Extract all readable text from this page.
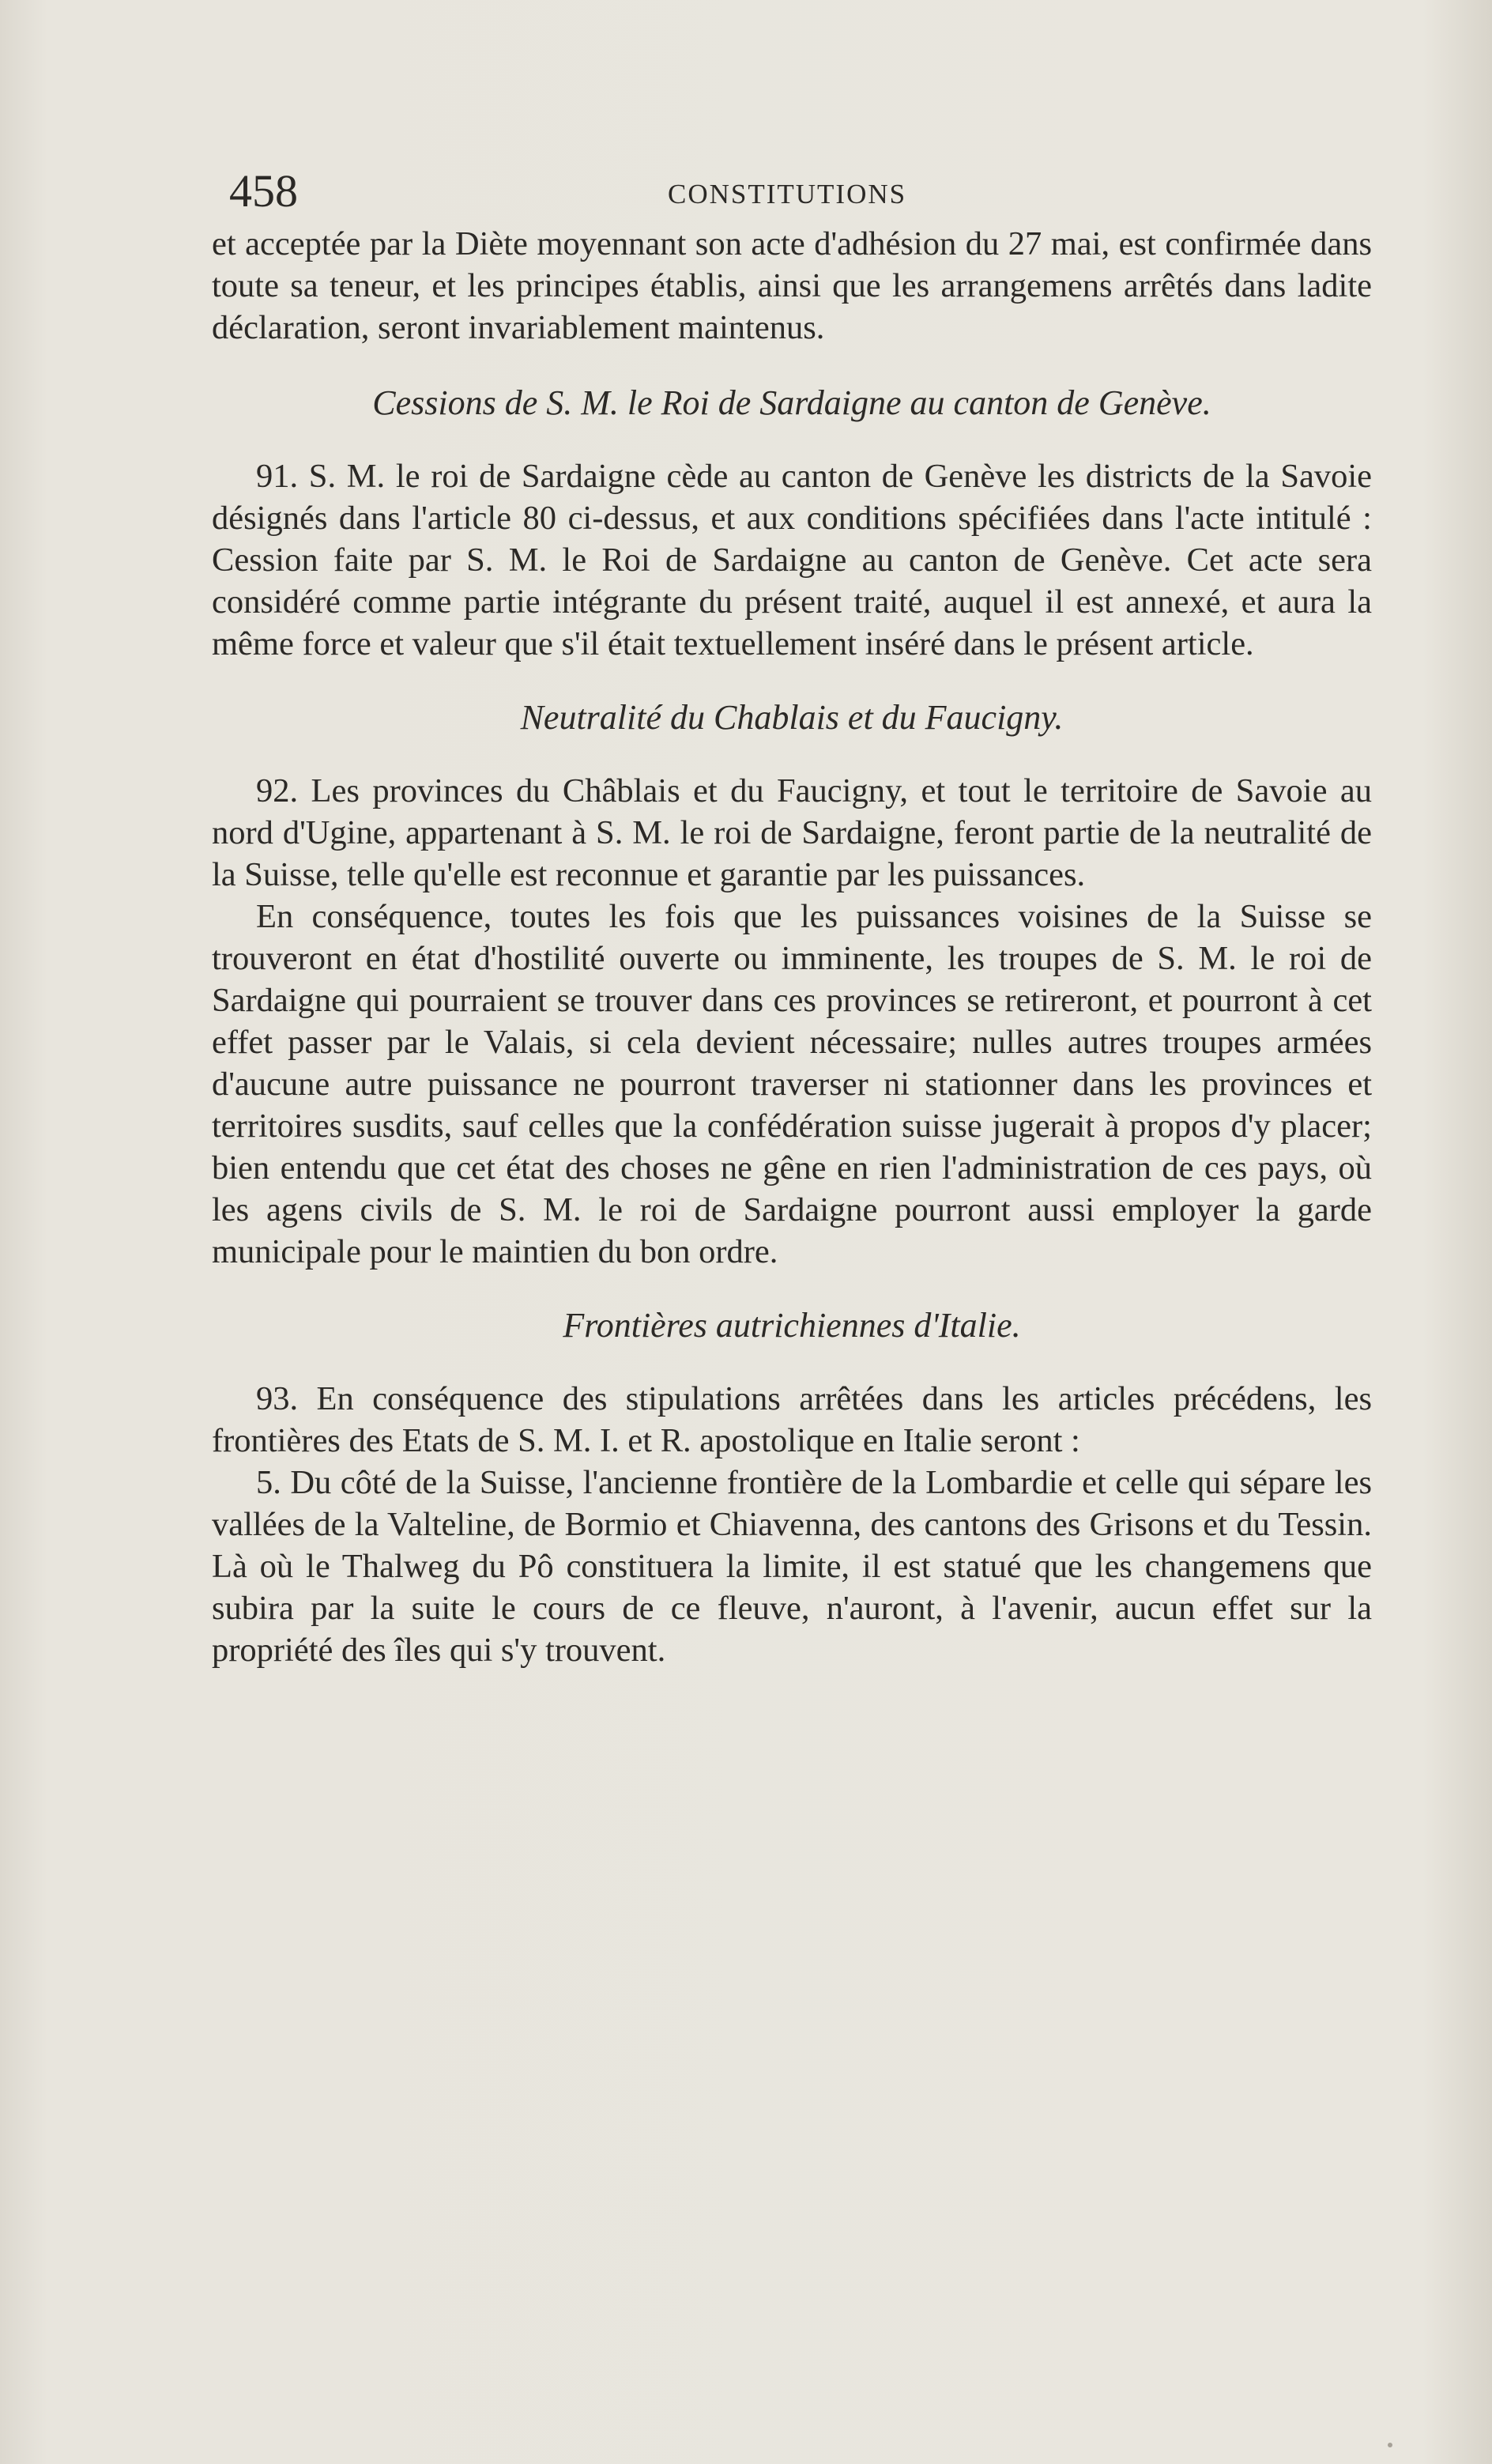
458	CONSTITUTIONS

et acceptée par la Diète moyennant son acte d'adhésion du 27 mai, est confirmée dans toute sa teneur, et les principes établis, ainsi que les arrangemens arrêtés dans ladite déclaration, seront invariablement maintenus.

Cessions de S. M. le Roi de Sardaigne au canton de Genève.

91. S. M. le roi de Sardaigne cède au canton de Genève les districts de la Savoie désignés dans l'article 80 ci-dessus, et aux conditions spécifiées dans l'acte intitulé : Cession faite par S. M. le Roi de Sardaigne au canton de Genève. Cet acte sera considéré comme partie intégrante du présent traité, auquel il est annexé, et aura la même force et valeur que s'il était textuellement inséré dans le présent article.

Neutralité du Chablais et du Faucigny.

92. Les provinces du Châblais et du Faucigny, et tout le territoire de Savoie au nord d'Ugine, appartenant à S. M. le roi de Sardaigne, feront partie de la neutralité de la Suisse, telle qu'elle est reconnue et garantie par les puissances.

En conséquence, toutes les fois que les puissances voisines de la Suisse se trouveront en état d'hostilité ouverte ou imminente, les troupes de S. M. le roi de Sardaigne qui pourraient se trouver dans ces provinces se retireront, et pourront à cet effet passer par le Valais, si cela devient nécessaire; nulles autres troupes armées d'aucune autre puissance ne pourront traverser ni stationner dans les provinces et territoires susdits, sauf celles que la confédération suisse jugerait à propos d'y placer; bien entendu que cet état des choses ne gêne en rien l'administration de ces pays, où les agens civils de S. M. le roi de Sardaigne pourront aussi employer la garde municipale pour le maintien du bon ordre.

Frontières autrichiennes d'Italie.

93. En conséquence des stipulations arrêtées dans les articles précédens, les frontières des Etats de S. M. I. et R. apostolique en Italie seront :

5. Du côté de la Suisse, l'ancienne frontière de la Lombardie et celle qui sépare les vallées de la Valteline, de Bormio et Chiavenna, des cantons des Grisons et du Tessin. Là où le Thalweg du Pô constituera la limite, il est statué que les changemens que subira par la suite le cours de ce fleuve, n'auront, à l'avenir, aucun effet sur la propriété des îles qui s'y trouvent.
